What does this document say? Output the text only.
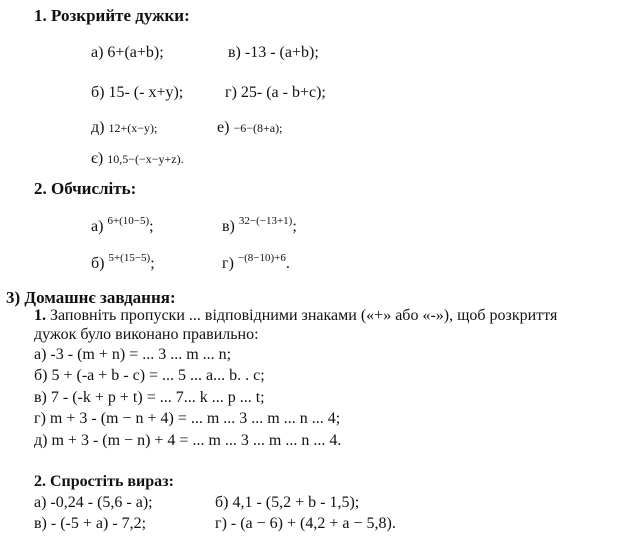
1. Розкрийте дужки:
а) 6+(a+b);	в) -13 - (a+b);
б) 15- (- x+y);	г) 25- (a - b+c);
д) 12+(x−y);	е) −6−(8+a);
є) 10,5−(−x−y+z).
2. Обчисліть:
а) $^{6+(10-5)}$;	в) $^{32-(-13+1)}$;
б) $^{5+(15-5)}$;	г) $^{-(8-10)+6}$.
3) Домашнє завдання:
1. Заповніть пропуски ... відповідними знаками («+» або «-»), щоб розкриття
дужок було виконано правильно:
а) -3 - (m + n) = ... 3 ... m ... n;
б) 5 + (-a + b - c) = ... 5 ... a... b. . c;
в) 7 - (-k + p + t) = ... 7... k ... p ... t;
г) m + 3 - (m − n + 4) = ... m ... 3 ... m ... n ... 4;
д) m + 3 - (m − n) + 4 = ... m ... 3 ... m ... n ... 4.
2. Спростіть вираз:
а) -0,24 - (5,6 - a);	б) 4,1 - (5,2 + b - 1,5);
в) - (-5 + a) - 7,2;	г) - (a − 6) + (4,2 + a − 5,8).
